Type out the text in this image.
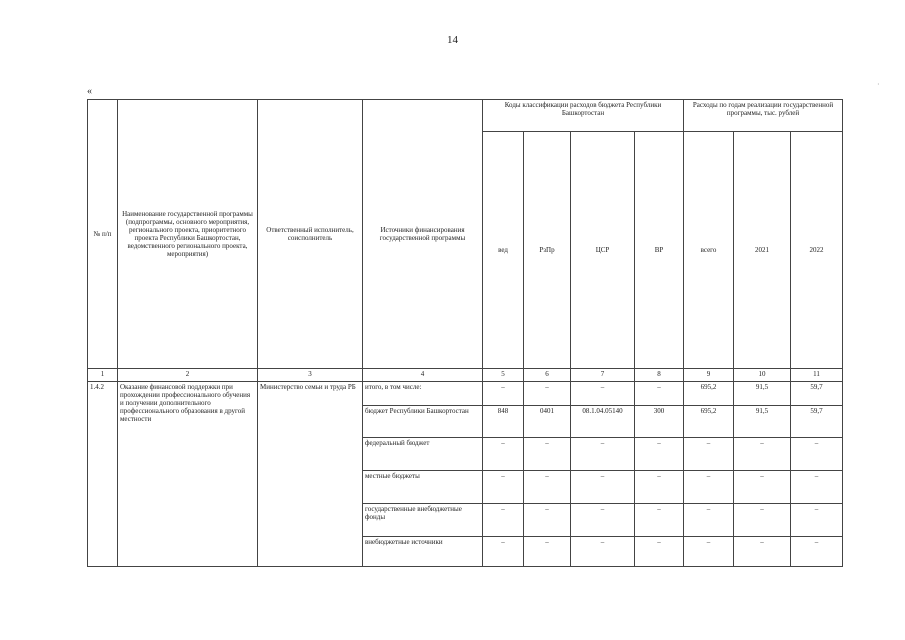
14
«
·
№ п/п	Наименование государственной программы (подпрограммы, основного мероприятия, регионального проекта, приоритетного проекта Республики Башкортостан, ведомственного регионального проекта, мероприятия)	Ответственный исполнитель, соисполнитель	Источники финансирования государственной программы	Коды классификации расходов бюджета Республики Башкортостан				Расходы по годам реализации государственной программы, тыс. рублей		
				вед	РзПр	ЦСР	ВР	всего	2021	2022
1	2	3	4	5	6	7	8	9	10	11
1.4.2	Оказание финансовой поддержки при прохождении профессионального обучения и получении дополнительного профессионального образования в другой местности	Министерство семьи и труда РБ	итого, в том числе:	–	–	–	–	695,2	91,5	59,7
			бюджет Республики Башкортостан	848	0401	08.1.04.05140	300	695,2	91,5	59,7
			федеральный бюджет	–	–	–	–	–	–	–
			местные бюджеты	–	–	–	–	–	–	–
			государственные внебюджетные фонды	–	–	–	–	–	–	–
			внебюджетные источники	–	–	–	–	–	–	–
